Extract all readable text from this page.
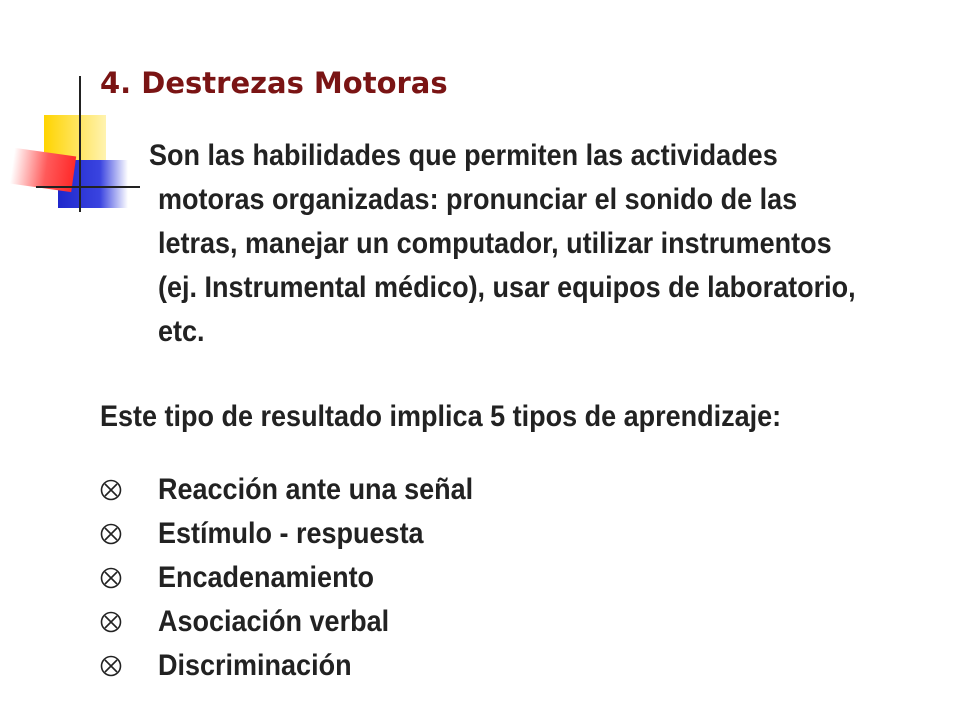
4. Destrezas Motoras

Son las habilidades que permiten las actividades motoras organizadas: pronunciar el sonido de las letras, manejar un computador, utilizar instrumentos (ej. Instrumental médico), usar equipos de laboratorio, etc.

Este tipo de resultado implica 5 tipos de aprendizaje:

Reacción ante una señal
Estímulo - respuesta
Encadenamiento
Asociación verbal
Discriminación
